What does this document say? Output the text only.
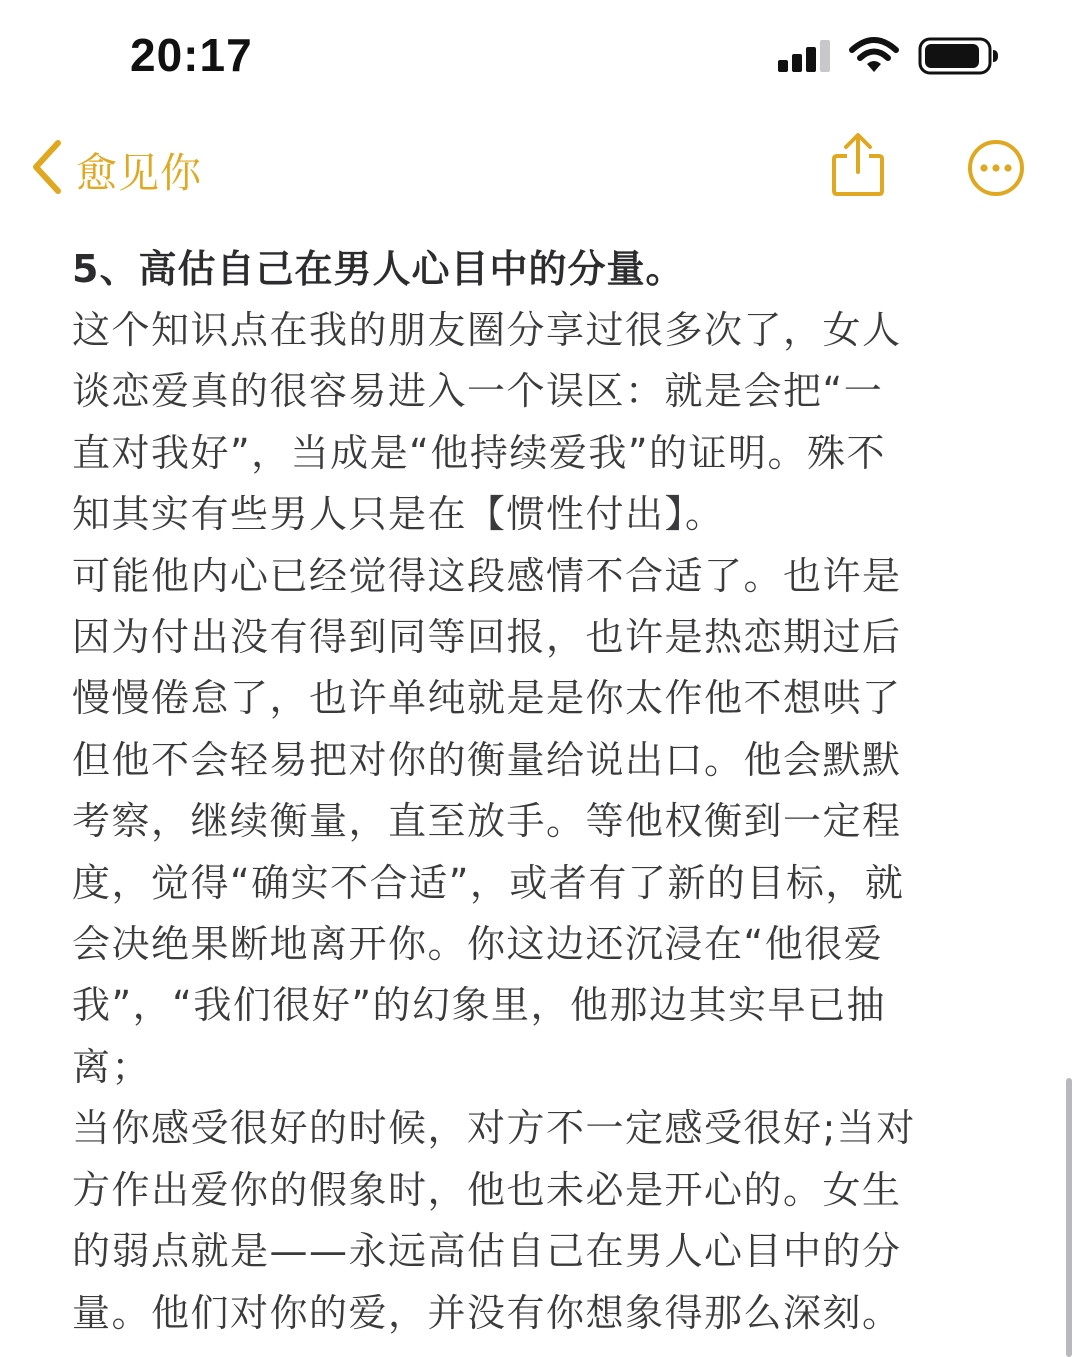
20:17
愈见你
5、高估自己在男人心目中的分量。

这个知识点在我的朋友圈分享过很多次了，女人
谈恋爱真的很容易进入一个误区：就是会把“一
直对我好”，当成是“他持续爱我”的证明。殊不
知其实有些男人只是在【惯性付出】。

可能他内心已经觉得这段感情不合适了。也许是
因为付出没有得到同等回报，也许是热恋期过后
慢慢倦怠了，也许单纯就是是你太作他不想哄了
但他不会轻易把对你的衡量给说出口。他会默默
考察，继续衡量，直至放手。等他权衡到一定程
度，觉得“确实不合适”，或者有了新的目标，就
会决绝果断地离开你。你这边还沉浸在“他很爱
我”，“我们很好”的幻象里，他那边其实早已抽
离；

当你感受很好的时候，对方不一定感受很好;当对
方作出爱你的假象时，他也未必是开心的。女生
的弱点就是——永远高估自己在男人心目中的分
量。他们对你的爱，并没有你想象得那么深刻。
